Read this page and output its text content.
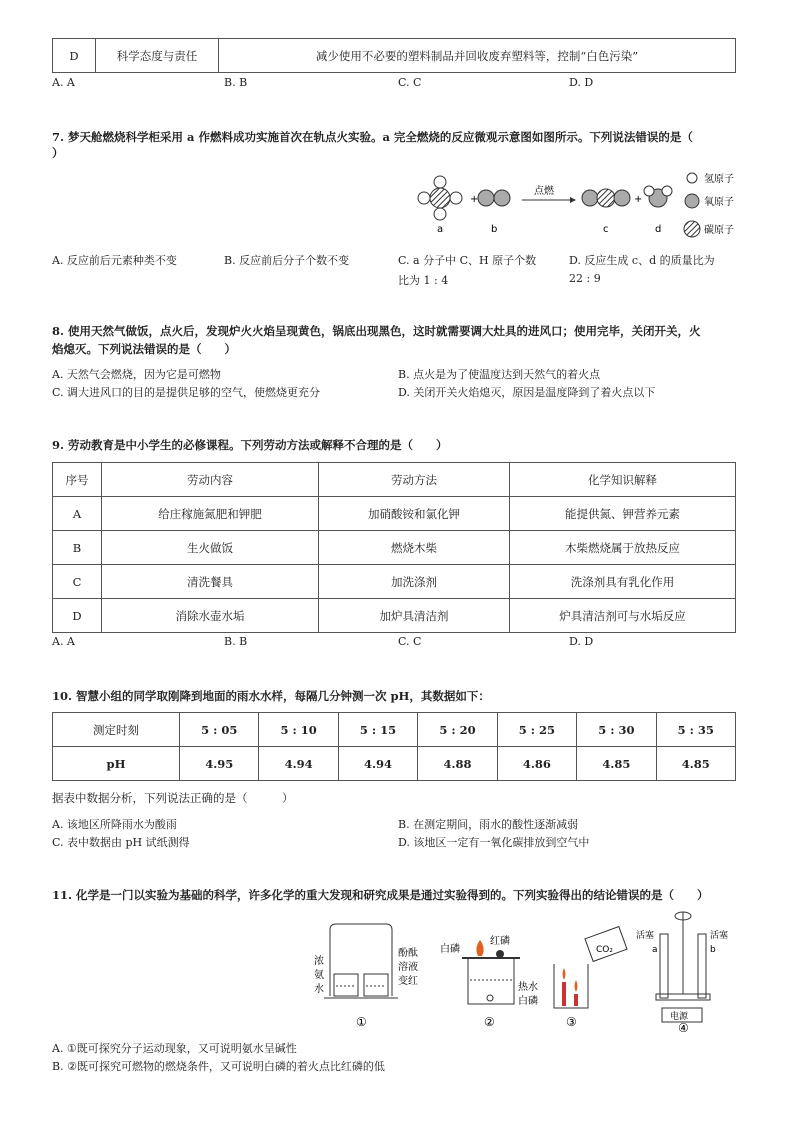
D	科学态度与责任	减少使用不必要的塑料制品并回收废弃塑料等，控制“白色污染”
A. A	B. B	C. C	D. D
7. 梦天舱燃烧科学柜采用 a 作燃料成功实施首次在轨点火实验。a 完全燃烧的反应微观示意图如图所示。下列说法错误的是（
）
+
点燃
+
a	b	c	d
氢原子
氧原子
碳原子
A. 反应前后元素种类不变	B. 反应前后分子个数不变	C. a 分子中 C、H 原子个数
比为 1 : 4
D. 反应生成 c、d 的质量比为
22 : 9
8. 使用天然气做饭，点火后，发现炉火火焰呈现黄色，锅底出现黑色，这时就需要调大灶具的进风口；使用完毕，关闭开关，火
焰熄灭。下列说法错误的是（　　）
A. 天然气会燃烧，因为它是可燃物	B. 点火是为了使温度达到天然气的着火点
C. 调大进风口的目的是提供足够的空气，使燃烧更充分	D. 关闭开关火焰熄灭，原因是温度降到了着火点以下
9. 劳动教育是中小学生的必修课程。下列劳动方法或解释不合理的是（　　）
序号	劳动内容	劳动方法	化学知识解释
A	给庄稼施氮肥和钾肥	加硝酸铵和氯化钾	能提供氮、钾营养元素
B	生火做饭	燃烧木柴	木柴燃烧属于放热反应
C	清洗餐具	加洗涤剂	洗涤剂具有乳化作用
D	消除水壶水垢	加炉具清洁剂	炉具清洁剂可与水垢反应
A. A	B. B	C. C	D. D
10. 智慧小组的同学取刚降到地面的雨水水样，每隔几分钟测一次 pH，其数据如下：
测定时刻	5 : 05	5 : 10	5 : 15	5 : 20	5 : 25	5 : 30	5 : 35
pH	4.95	4.94	4.94	4.88	4.86	4.85	4.85
据表中数据分析，下列说法正确的是（　　　）
A. 该地区所降雨水为酸雨	B. 在测定期间，雨水的酸性逐渐减弱
C. 表中数据由 pH 试纸测得	D. 该地区一定有一氧化碳排放到空气中
11. 化学是一门以实验为基础的科学，许多化学的重大发现和研究成果是通过实验得到的。下列实验得出的结论错误的是（　　）
浓
氨
水
酚酞
溶液
变红
①
白磷
红磷
热水
白磷
②
CO₂
③	电源
活塞	活塞
a	b
④
A. ①既可探究分子运动现象，又可说明氨水呈碱性
B. ②既可探究可燃物的燃烧条件，又可说明白磷的着火点比红磷的低
